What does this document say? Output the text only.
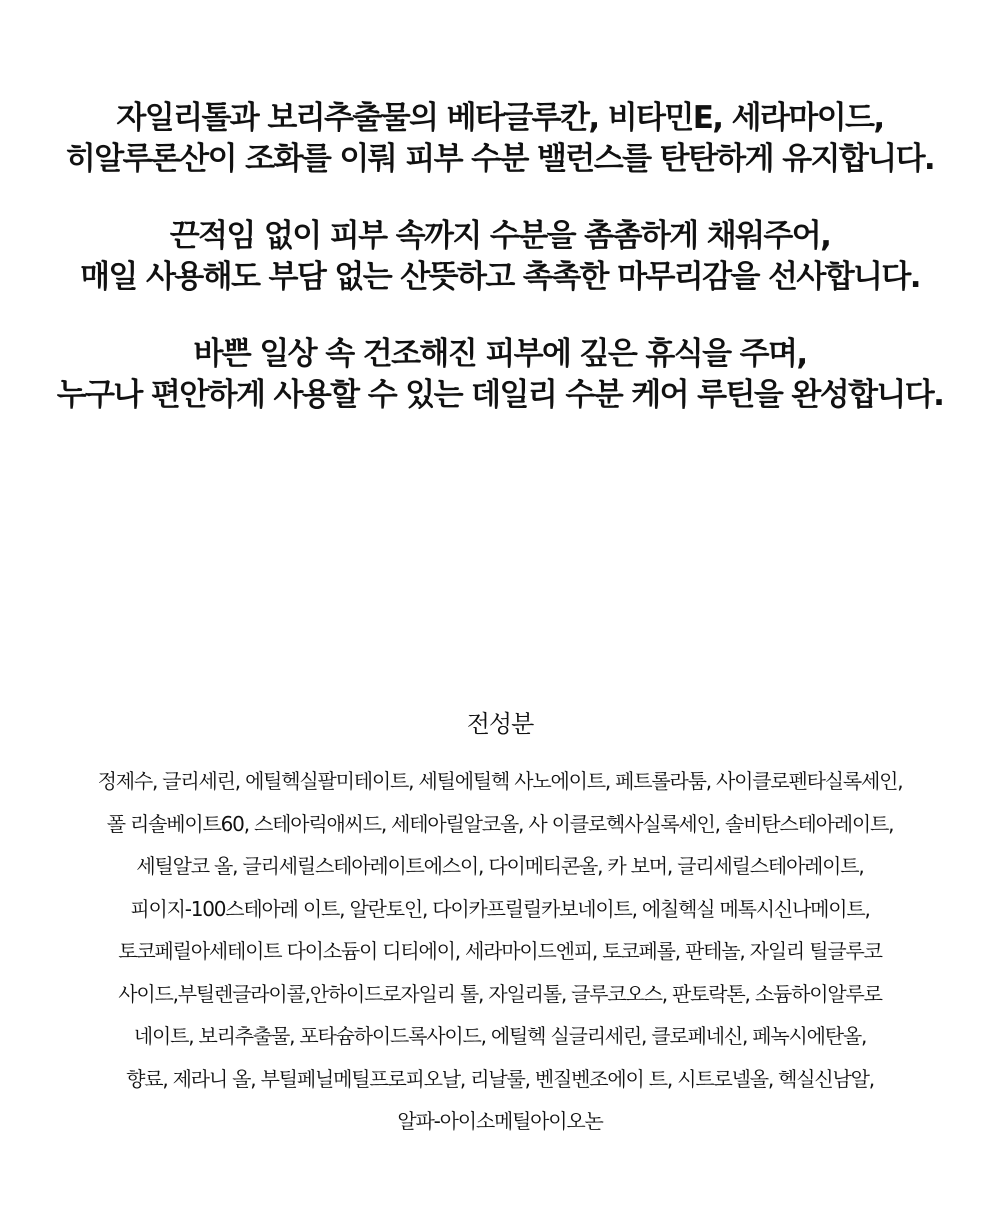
자일리톨과 보리추출물의 베타글루칸, 비타민E, 세라마이드,
히알루론산이 조화를 이뤄 피부 수분 밸런스를 탄탄하게 유지합니다.

끈적임 없이 피부 속까지 수분을 촘촘하게 채워주어,
매일 사용해도 부담 없는 산뜻하고 촉촉한 마무리감을 선사합니다.

바쁜 일상 속 건조해진 피부에 깊은 휴식을 주며,
누구나 편안하게 사용할 수 있는 데일리 수분 케어 루틴을 완성합니다.

전성분
정제수, 글리세린, 에틸헥실팔미테이트, 세틸에틸헥 사노에이트, 페트롤라툼, 사이클로펜타실록세인,
폴 리솔베이트60, 스테아릭애씨드, 세테아릴알코올, 사 이클로헥사실록세인, 솔비탄스테아레이트,
세틸알코 올, 글리세릴스테아레이트에스이, 다이메티콘올, 카 보머, 글리세릴스테아레이트,
피이지-100스테아레 이트, 알란토인, 다이카프릴릴카보네이트, 에칠헥실 메톡시신나메이트,
토코페릴아세테이트 다이소듐이 디티에이, 세라마이드엔피, 토코페롤, 판테놀, 자일리 틸글루코
사이드,부틸렌글라이콜,안하이드로자일리 톨, 자일리톨, 글루코오스, 판토락톤, 소듐하이알루로
네이트, 보리추출물, 포타슘하이드록사이드, 에틸헥 실글리세린, 클로페네신, 페녹시에탄올,
향료, 제라니 올, 부틸페닐메틸프로피오날, 리날룰, 벤질벤조에이 트, 시트로넬올, 헥실신남알,
알파-아이소메틸아이오논
